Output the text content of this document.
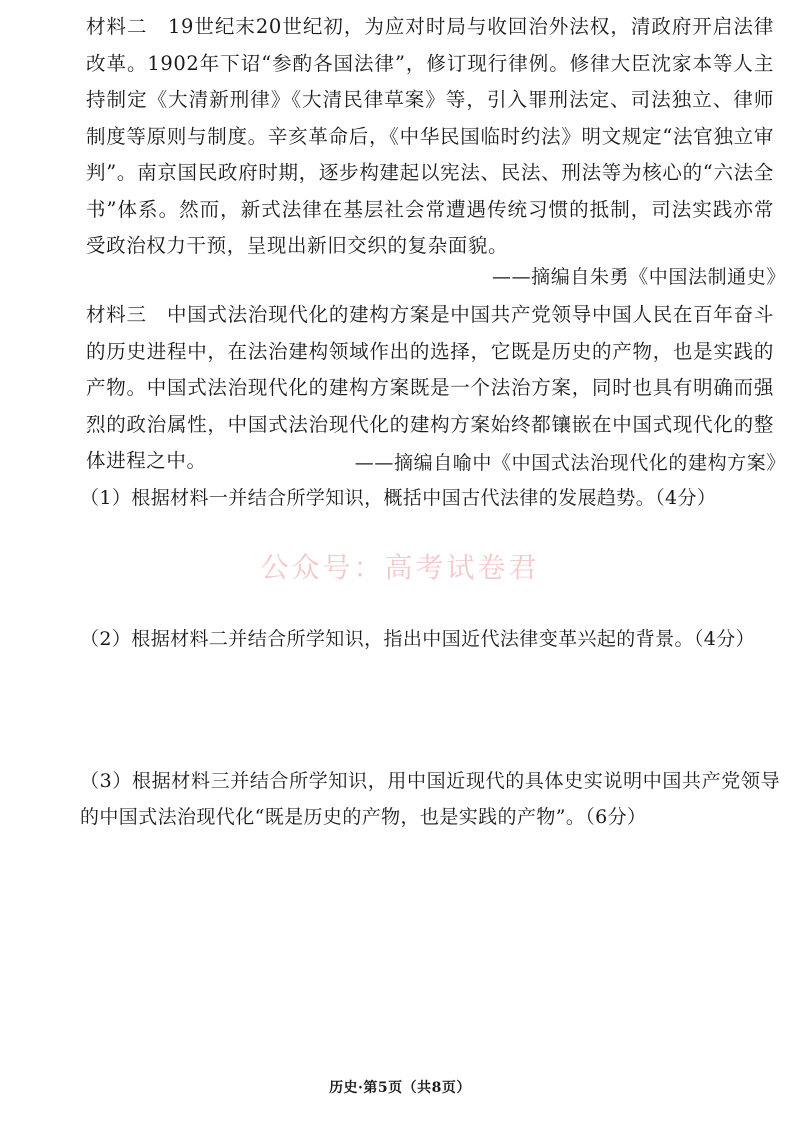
材料二　19世纪末20世纪初，为应对时局与收回治外法权，清政府开启法律改革。1902年下诏“参酌各国法律”，修订现行律例。修律大臣沈家本等人主持制定《大清新刑律》《大清民律草案》等，引入罪刑法定、司法独立、律师制度等原则与制度。辛亥革命后，《中华民国临时约法》明文规定“法官独立审判”。南京国民政府时期，逐步构建起以宪法、民法、刑法等为核心的“六法全书”体系。然而，新式法律在基层社会常遭遇传统习惯的抵制，司法实践亦常受政治权力干预，呈现出新旧交织的复杂面貌。

——摘编自朱勇《中国法制通史》

材料三　中国式法治现代化的建构方案是中国共产党领导中国人民在百年奋斗的历史进程中，在法治建构领域作出的选择，它既是历史的产物，也是实践的产物。中国式法治现代化的建构方案既是一个法治方案，同时也具有明确而强烈的政治属性，中国式法治现代化的建构方案始终都镶嵌在中国式现代化的整体进程之中。	——摘编自喻中《中国式法治现代化的建构方案》

（1）根据材料一并结合所学知识，概括中国古代法律的发展趋势。（4分）

公众号：高考试卷君

（2）根据材料二并结合所学知识，指出中国近代法律变革兴起的背景。（4分）

（3）根据材料三并结合所学知识，用中国近现代的具体史实说明中国共产党领导的中国式法治现代化“既是历史的产物，也是实践的产物”。（6分）

历史·第5页（共8页）
